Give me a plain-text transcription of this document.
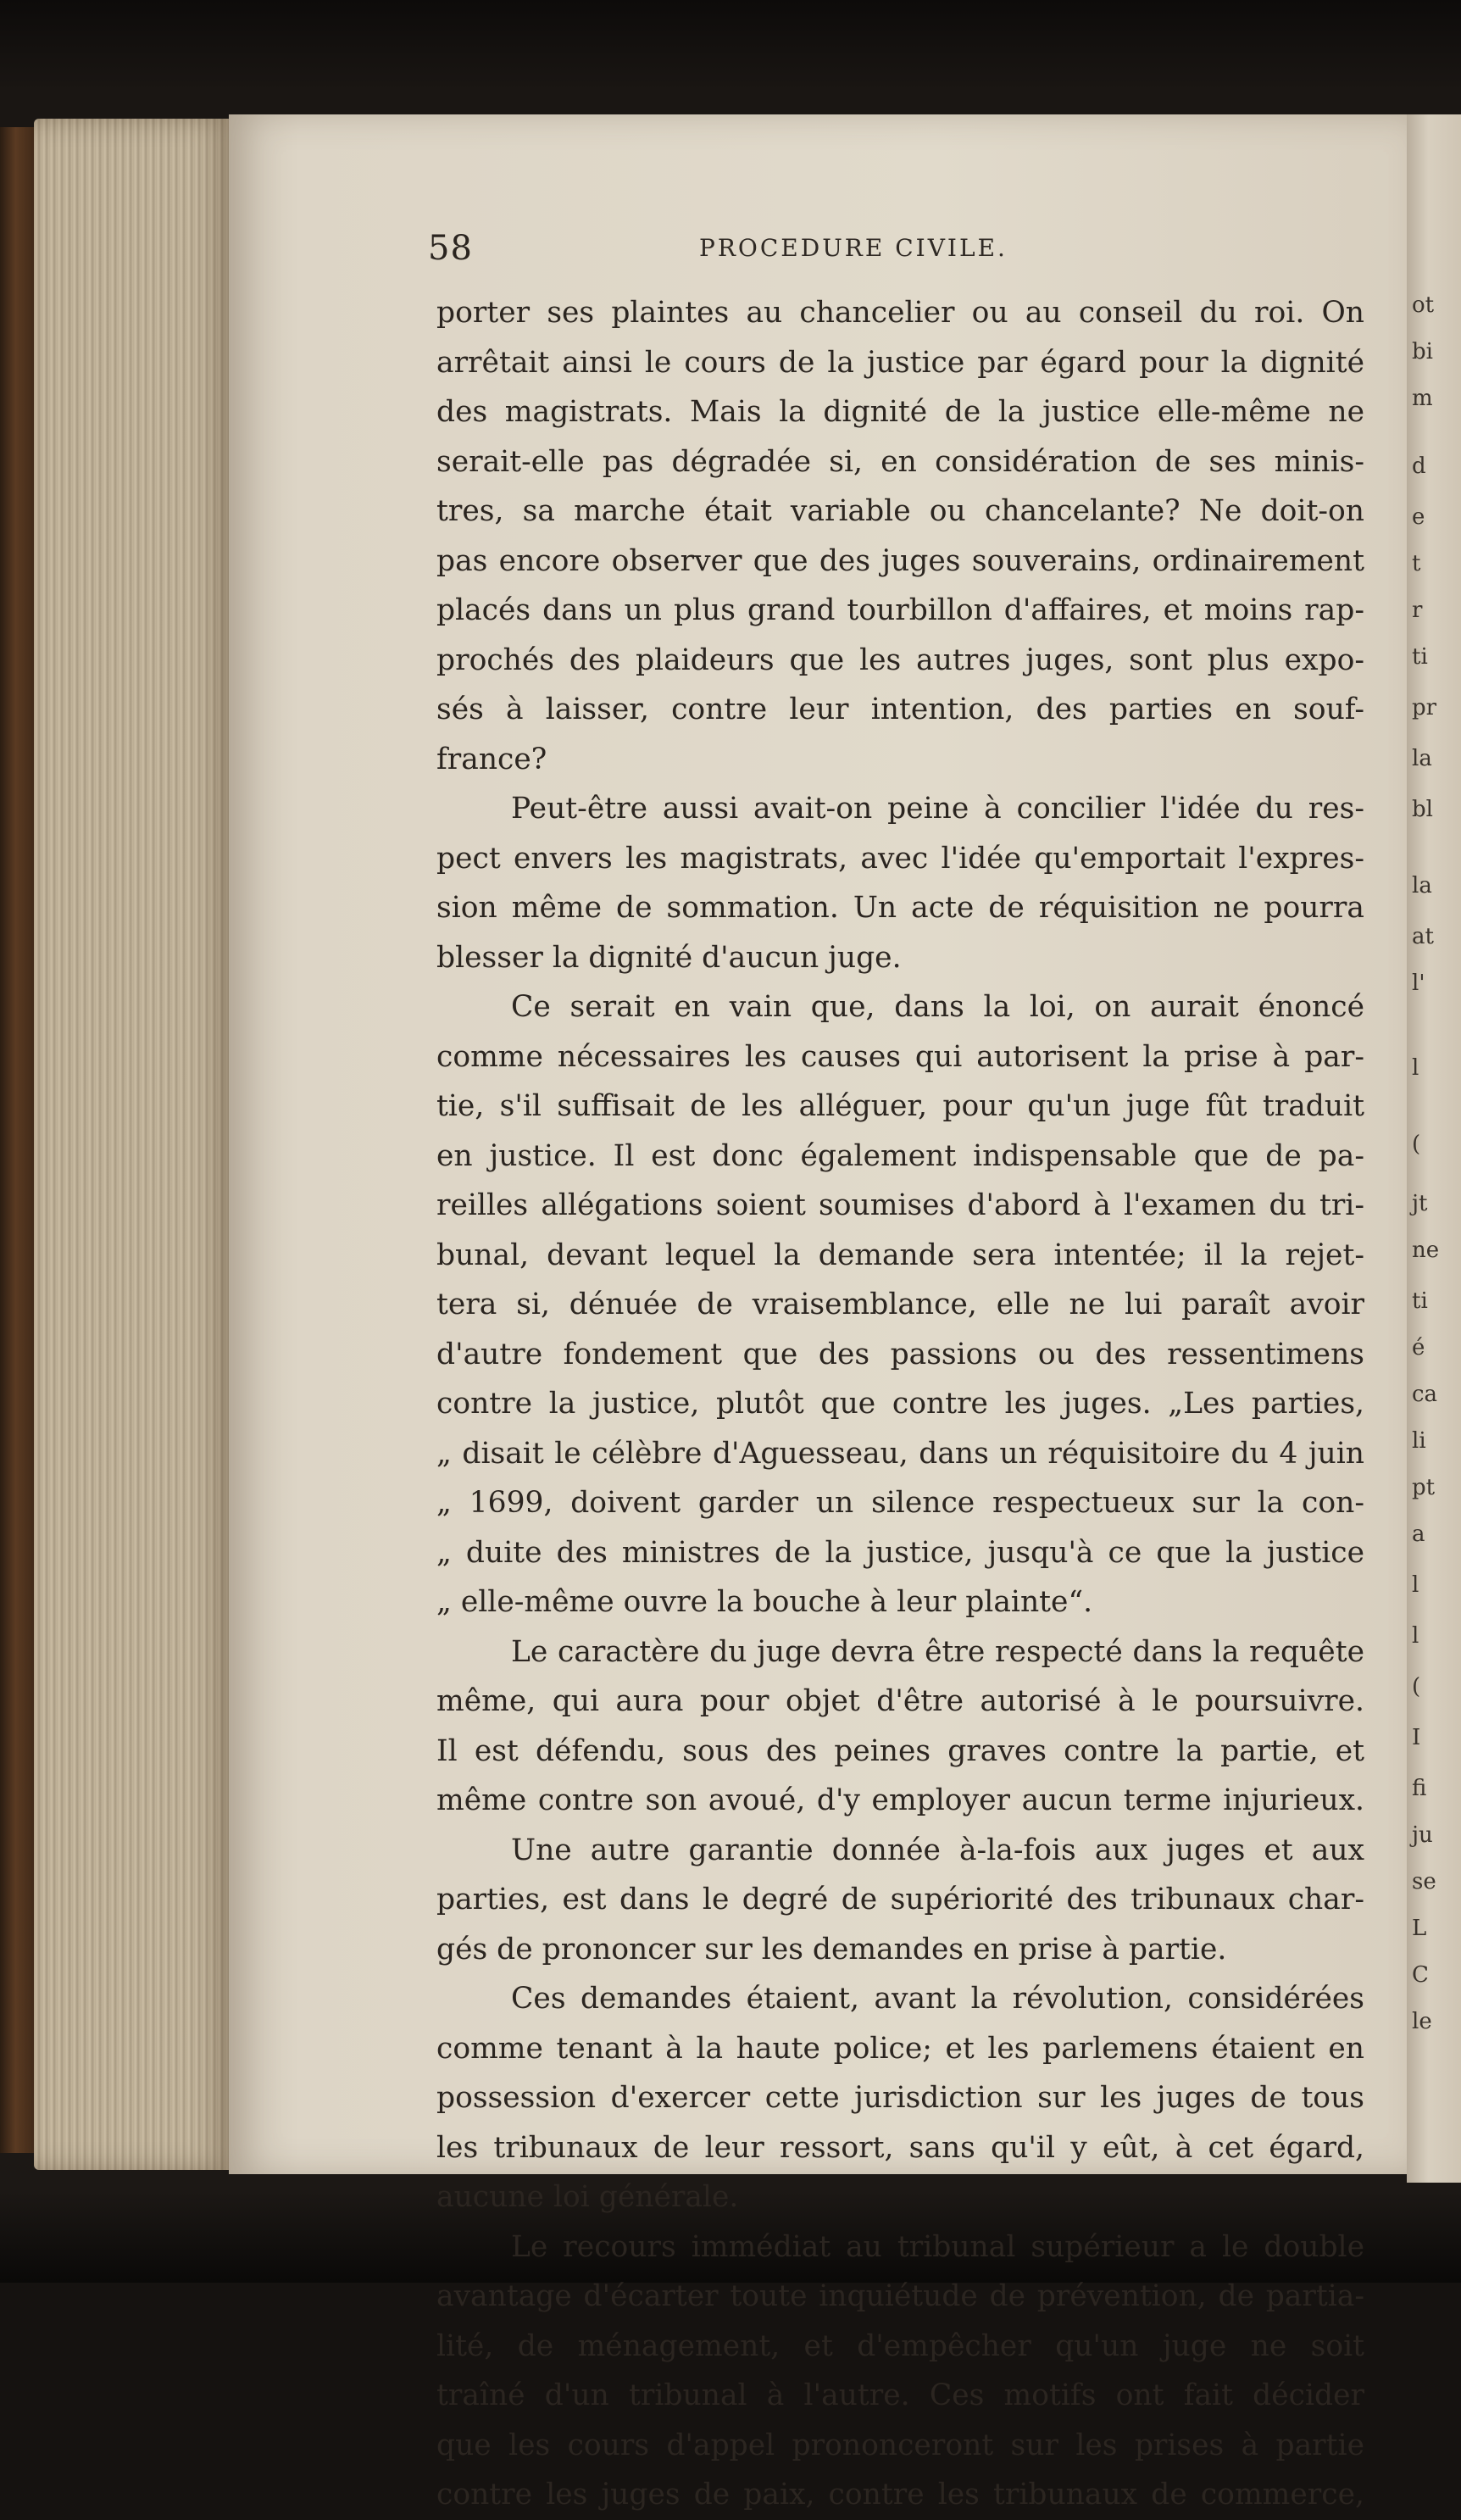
ot
bi
m
d
e
t
r
ti
pr
la
bl
la
at
l'
l
(
jt
ne
ti
é
ca
li
pt
a
l
l
(
I
fi
ju
se
L
C
le
58	PROCEDURE CIVILE.
porter ses plaintes au chancelier ou au conseil du roi. On
arrêtait ainsi le cours de la justice par égard pour la dignité
des magistrats. Mais la dignité de la justice elle-même ne
serait-elle pas dégradée si, en considération de ses minis-
tres, sa marche était variable ou chancelante? Ne doit-on
pas encore observer que des juges souverains, ordinairement
placés dans un plus grand tourbillon d'affaires, et moins rap-
prochés des plaideurs que les autres juges, sont plus expo-
sés à laisser, contre leur intention, des parties en souf-
france?
Peut-être aussi avait-on peine à concilier l'idée du res-
pect envers les magistrats, avec l'idée qu'emportait l'expres-
sion même de sommation. Un acte de réquisition ne pourra
blesser la dignité d'aucun juge.
Ce serait en vain que, dans la loi, on aurait énoncé
comme nécessaires les causes qui autorisent la prise à par-
tie, s'il suffisait de les alléguer, pour qu'un juge fût traduit
en justice. Il est donc également indispensable que de pa-
reilles allégations soient soumises d'abord à l'examen du tri-
bunal, devant lequel la demande sera intentée; il la rejet-
tera si, dénuée de vraisemblance, elle ne lui paraît avoir
d'autre fondement que des passions ou des ressentimens
contre la justice, plutôt que contre les juges. „Les parties,
„ disait le célèbre d'Aguesseau, dans un réquisitoire du 4 juin
„ 1699, doivent garder un silence respectueux sur la con-
„ duite des ministres de la justice, jusqu'à ce que la justice
„ elle-même ouvre la bouche à leur plainte“.
Le caractère du juge devra être respecté dans la requête
même, qui aura pour objet d'être autorisé à le poursuivre.
Il est défendu, sous des peines graves contre la partie, et
même contre son avoué, d'y employer aucun terme injurieux.
Une autre garantie donnée à-la-fois aux juges et aux
parties, est dans le degré de supériorité des tribunaux char-
gés de prononcer sur les demandes en prise à partie.
Ces demandes étaient, avant la révolution, considérées
comme tenant à la haute police; et les parlemens étaient en
possession d'exercer cette jurisdiction sur les juges de tous
les tribunaux de leur ressort, sans qu'il y eût, à cet égard,
aucune loi générale.
Le recours immédiat au tribunal supérieur a le double
avantage d'écarter toute inquiétude de prévention, de partia-
lité, de ménagement, et d'empêcher qu'un juge ne soit
traîné d'un tribunal à l'autre. Ces motifs ont fait décider
que les cours d'appel prononceront sur les prises à partie
contre les juges de paix, contre les tribunaux de commerce,
